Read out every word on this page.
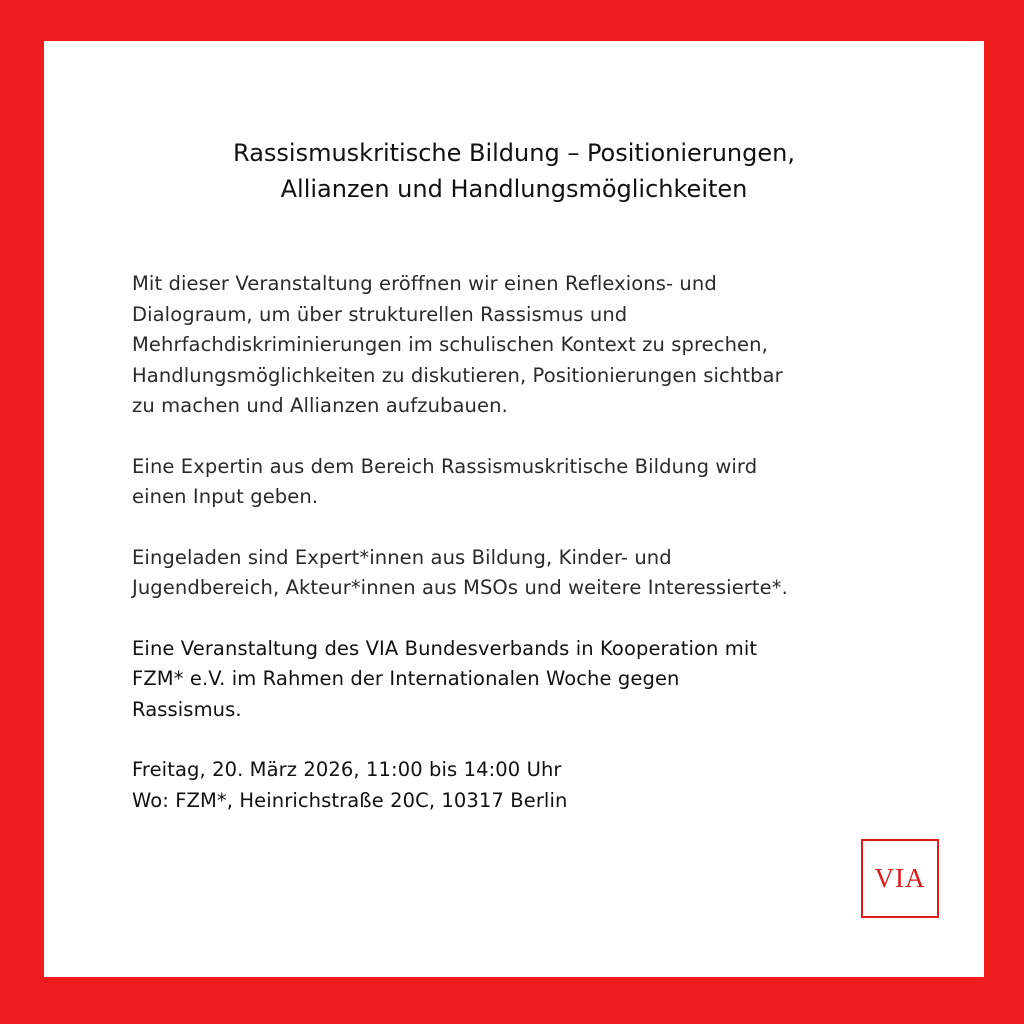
Rassismuskritische Bildung – Positionierungen,
Allianzen und Handlungsmöglichkeiten

Mit dieser Veranstaltung eröffnen wir einen Reflexions- und
Dialograum, um über strukturellen Rassismus und
Mehrfachdiskriminierungen im schulischen Kontext zu sprechen,
Handlungsmöglichkeiten zu diskutieren, Positionierungen sichtbar
zu machen und Allianzen aufzubauen.

Eine Expertin aus dem Bereich Rassismuskritische Bildung wird
einen Input geben.

Eingeladen sind Expert*innen aus Bildung, Kinder- und
Jugendbereich, Akteur*innen aus MSOs und weitere Interessierte*.

Eine Veranstaltung des VIA Bundesverbands in Kooperation mit
FZM* e.V. im Rahmen der Internationalen Woche gegen
Rassismus.

Freitag, 20. März 2026, 11:00 bis 14:00 Uhr
Wo: FZM*, Heinrichstraße 20C, 10317 Berlin

VIA
